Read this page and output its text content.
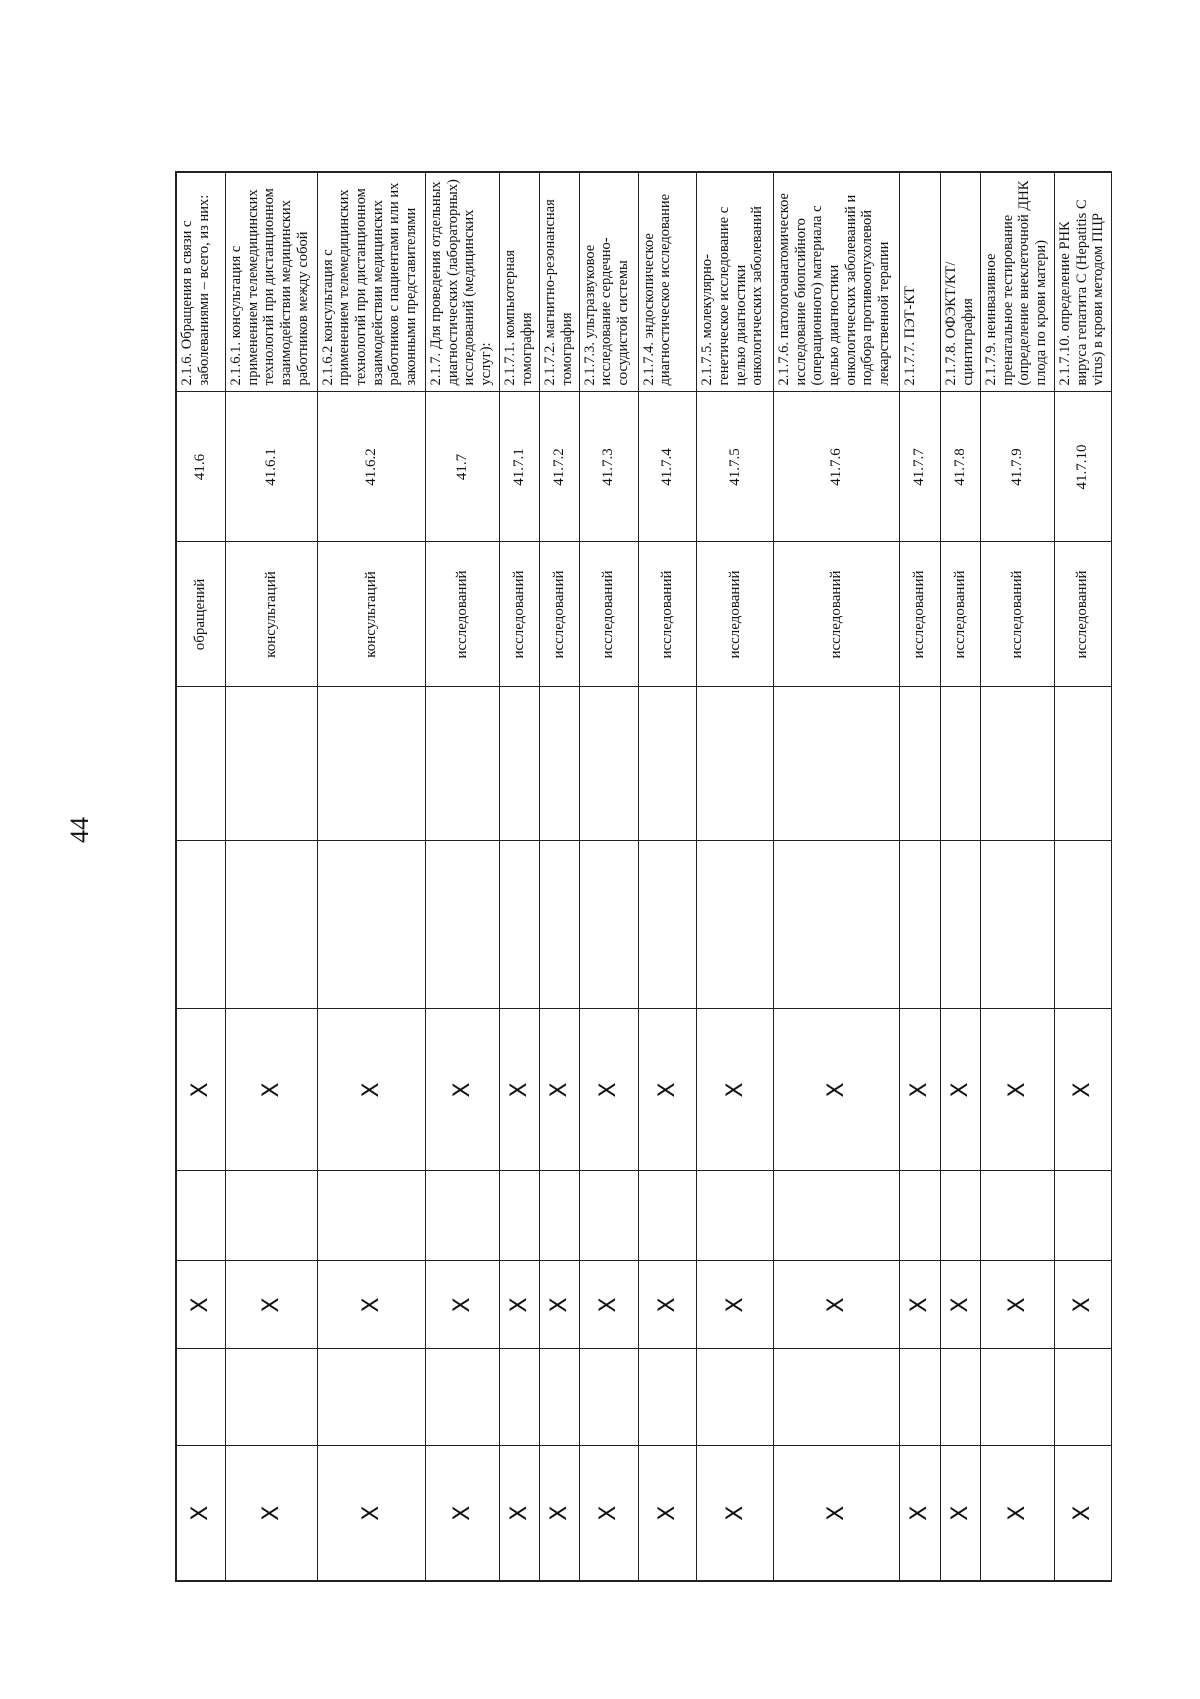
44
X		X		X			обращений	41.6	2.1.6. Обращения в связи с заболеваниями – всего, из них:
X		X		X			консультаций	41.6.1	2.1.6.1. консультация с применением телемедицинских технологий при дистанционном взаимодействии медицинских работников между собой
X		X		X			консультаций	41.6.2	2.1.6.2 консультация с применением телемедицинских технологий при дистанционном взаимодействии медицинских работников с пациентами или их законными представителями
X		X		X			исследований	41.7	2.1.7. Для проведения отдельных диагностических (лабораторных) исследований (медицинских услуг):
X		X		X			исследований	41.7.1	2.1.7.1. компьютерная томография
X		X		X			исследований	41.7.2	2.1.7.2. магнитно-резонансная томография
X		X		X			исследований	41.7.3	2.1.7.3. ультразвуковое исследование сердечно-сосудистой системы
X		X		X			исследований	41.7.4	2.1.7.4. эндоскопическое диагностическое исследование
X		X		X			исследований	41.7.5	2.1.7.5. молекулярно-генетическое исследование с целью диагностики онкологических заболеваний
X		X		X			исследований	41.7.6	2.1.7.6. патологоанатомическое исследование биопсийного (операционного) материала с целью диагностики онкологических заболеваний и подбора противоопухолевой лекарственной терапии
X		X		X			исследований	41.7.7	2.1.7.7. ПЭТ-КТ
X		X		X			исследований	41.7.8	2.1.7.8. ОФЭКТ/КТ/сцинтиграфия
X		X		X			исследований	41.7.9	2.1.7.9. неинвазивное пренатальное тестирование (определение внеклеточной ДНК плода по крови матери)
X		X		X			исследований	41.7.10	2.1.7.10. определение РНК вируса гепатита С (Hepatitis C virus) в крови методом ПЦР
